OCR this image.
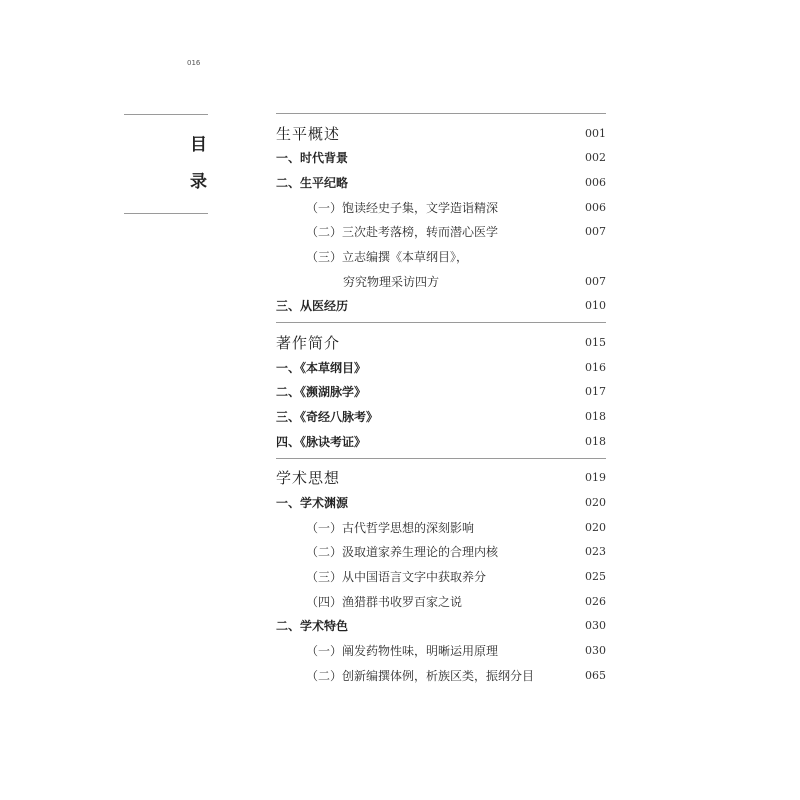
016
目
录
生平概述	001
一、时代背景	002
二、生平纪略	006
（一）饱读经史子集，文学造诣精深	006
（二）三次赴考落榜，转而潜心医学	007
（三）立志编撰《本草纲目》，
穷究物理采访四方	007
三、从医经历	010
著作简介	015
一、《本草纲目》	016
二、《濒湖脉学》	017
三、《奇经八脉考》	018
四、《脉诀考证》	018
学术思想	019
一、学术渊源	020
（一）古代哲学思想的深刻影响	020
（二）汲取道家养生理论的合理内核	023
（三）从中国语言文字中获取养分	025
（四）渔猎群书收罗百家之说	026
二、学术特色	030
（一）阐发药物性味，明晰运用原理	030
（二）创新编撰体例，析族区类，振纲分目	065
